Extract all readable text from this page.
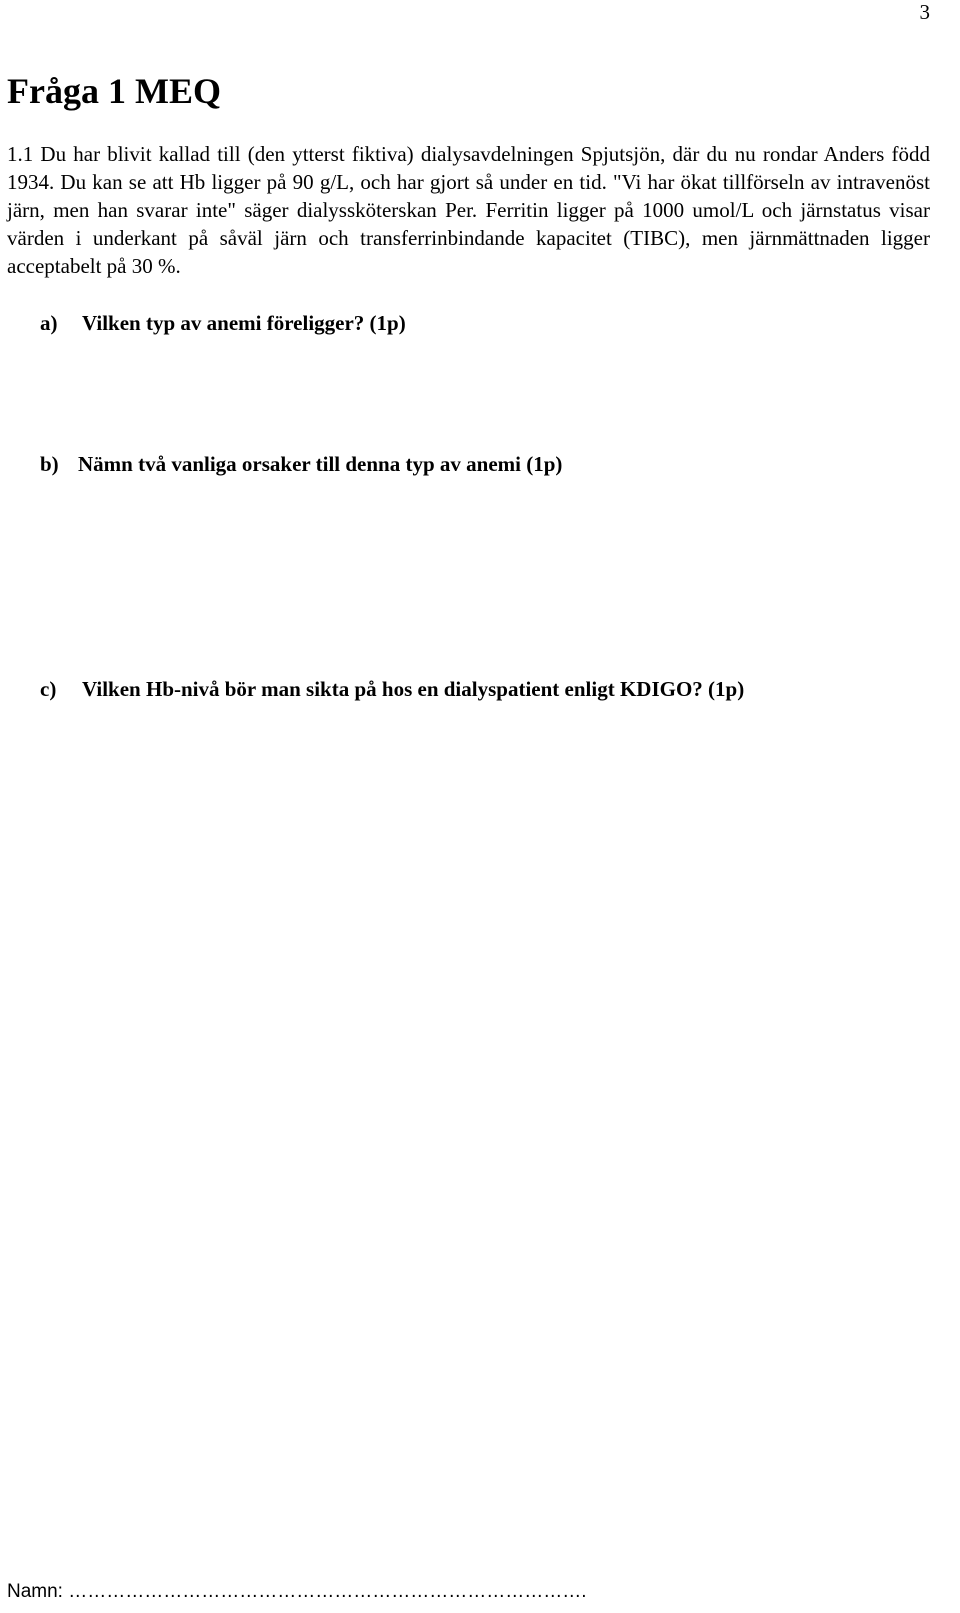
3
Fråga 1 MEQ

1.1 Du har blivit kallad till (den ytterst fiktiva) dialysavdelningen Spjutsjön, där du nu rondar Anders född 1934. Du kan se att Hb ligger på 90 g/L, och har gjort så under en tid. "Vi har ökat tillförseln av intravenöst järn, men han svarar inte" säger dialyssköterskan Per. Ferritin ligger på 1000 umol/L och järnstatus visar värden i underkant på såväl järn och transferrinbindande kapacitet (TIBC), men järnmättnaden ligger acceptabelt på 30 %.

a) Vilken typ av anemi föreligger? (1p)

b) Nämn två vanliga orsaker till denna typ av anemi (1p)

c) Vilken Hb-nivå bör man sikta på hos en dialyspatient enligt KDIGO? (1p)

Namn: ……………………………………………………………………….
